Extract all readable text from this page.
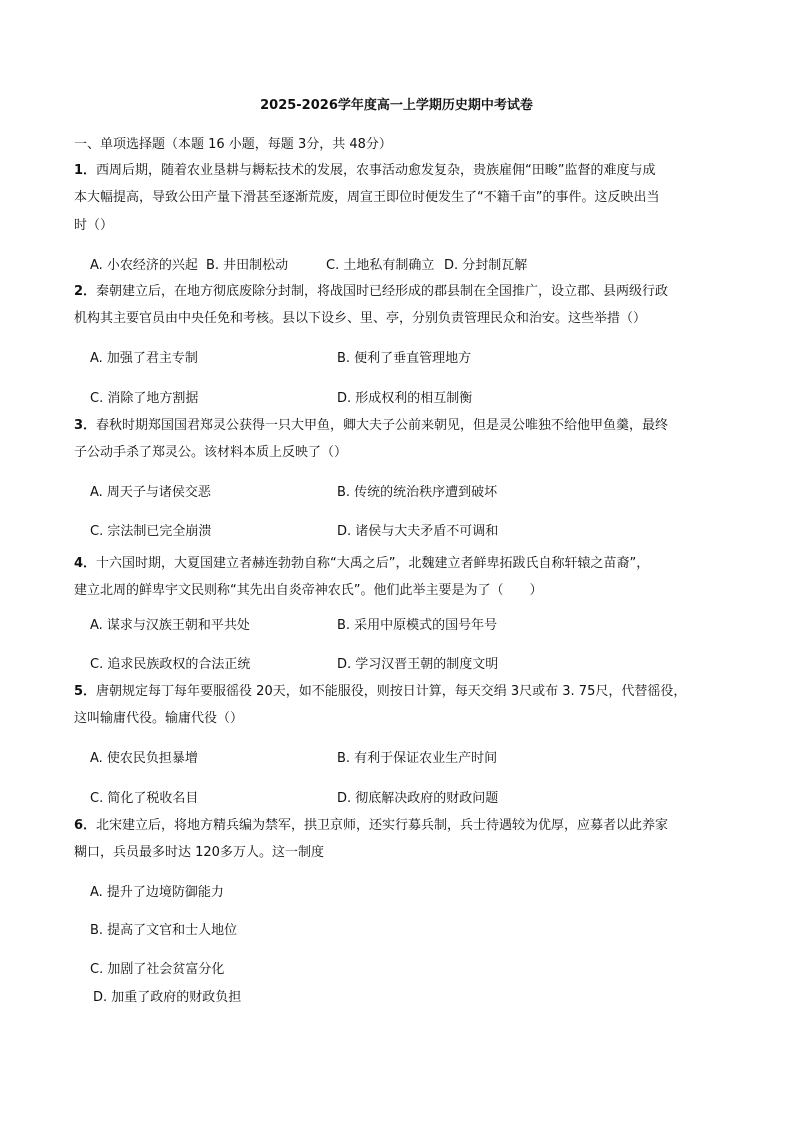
2025-2026学年度高一上学期历史期中考试卷
一、单项选择题（本题 16 小题，每题 3分，共 48分）
1．西周后期，随着农业垦耕与耨耘技术的发展，农事活动愈发复杂，贵族雇佣“田畯”监督的难度与成
本大幅提高，导致公田产量下滑甚至逐渐荒废，周宣王即位时便发生了“不籍千亩”的事件。这反映出当
时（）
A. 小农经济的兴起 B. 井田制松动	C. 土地私有制确立 D. 分封制瓦解
2．秦朝建立后，在地方彻底废除分封制，将战国时已经形成的郡县制在全国推广，设立郡、县两级行政
机构其主要官员由中央任免和考核。县以下设乡、里、亭，分别负责管理民众和治安。这些举措（）
A. 加强了君主专制	B. 便利了垂直管理地方
C. 消除了地方割据	D. 形成权利的相互制衡
3．春秋时期郑国国君郑灵公获得一只大甲鱼，卿大夫子公前来朝见，但是灵公唯独不给他甲鱼羹，最终
子公动手杀了郑灵公。该材料本质上反映了（）
A. 周天子与诸侯交恶	B. 传统的统治秩序遭到破坏
C. 宗法制已完全崩溃	D. 诸侯与大夫矛盾不可调和
4．十六国时期，大夏国建立者赫连勃勃自称“大禹之后”，北魏建立者鲜卑拓跋氏自称轩辕之苗裔”，
建立北周的鲜卑宇文民则称“其先出自炎帝神农氏”。他们此举主要是为了（　　）
A. 谋求与汉族王朝和平共处	B. 采用中原模式的国号年号
C. 追求民族政权的合法正统	D. 学习汉晋王朝的制度文明
5．唐朝规定每丁每年要服徭役 20天，如不能服役，则按日计算，每天交绢 3尺或布 3. 75尺，代替徭役，
这叫输庸代役。输庸代役（）
A. 使农民负担暴增	B. 有利于保证农业生产时间
C. 简化了税收名目	D. 彻底解决政府的财政问题
6．北宋建立后，将地方精兵编为禁军，拱卫京师，还实行募兵制，兵士待遇较为优厚，应募者以此养家
糊口，兵员最多时达 120多万人。这一制度
A. 提升了边境防御能力
B. 提高了文官和士人地位
C. 加剧了社会贫富分化
D. 加重了政府的财政负担
